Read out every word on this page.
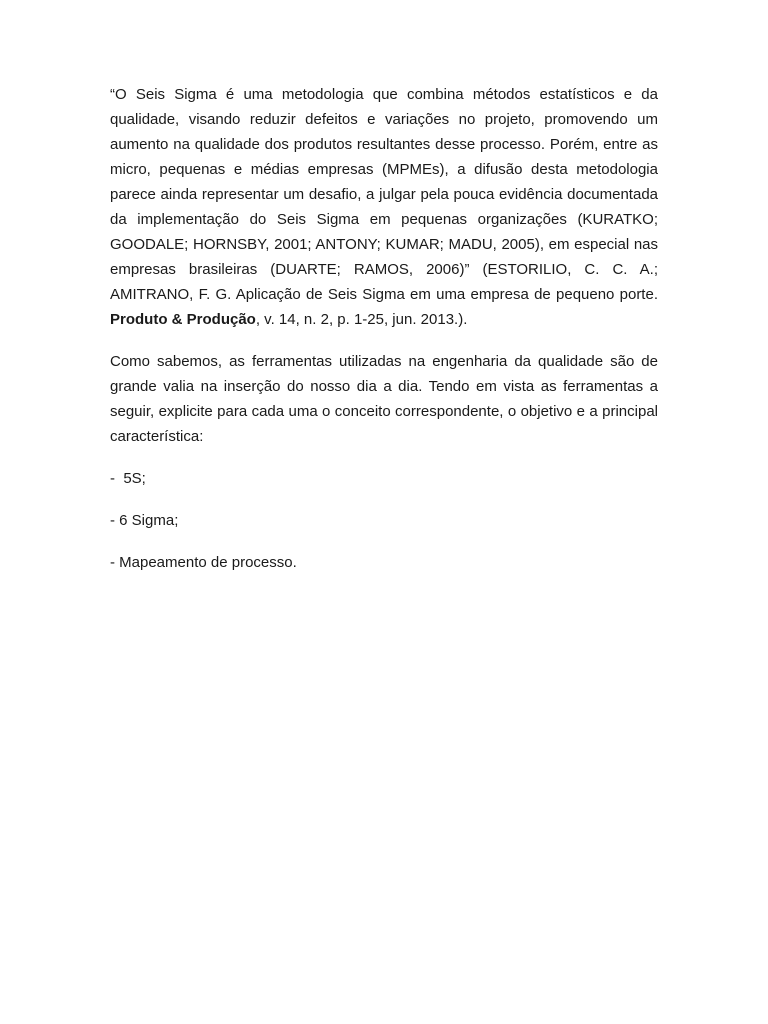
“O Seis Sigma é uma metodologia que combina métodos estatísticos e da qualidade, visando reduzir defeitos e variações no projeto, promovendo um aumento na qualidade dos produtos resultantes desse processo. Porém, entre as micro, pequenas e médias empresas (MPMEs), a difusão desta metodologia parece ainda representar um desafio, a julgar pela pouca evidência documentada da implementação do Seis Sigma em pequenas organizações (KURATKO; GOODALE; HORNSBY, 2001; ANTONY; KUMAR; MADU, 2005), em especial nas empresas brasileiras (DUARTE; RAMOS, 2006)” (ESTORILIO, C. C. A.; AMITRANO, F. G. Aplicação de Seis Sigma em uma empresa de pequeno porte. Produto & Produção, v. 14, n. 2, p. 1-25, jun. 2013.).

Como sabemos, as ferramentas utilizadas na engenharia da qualidade são de grande valia na inserção do nosso dia a dia. Tendo em vista as ferramentas a seguir, explicite para cada uma o conceito correspondente, o objetivo e a principal característica:

-  5S;
- 6 Sigma;
- Mapeamento de processo.
